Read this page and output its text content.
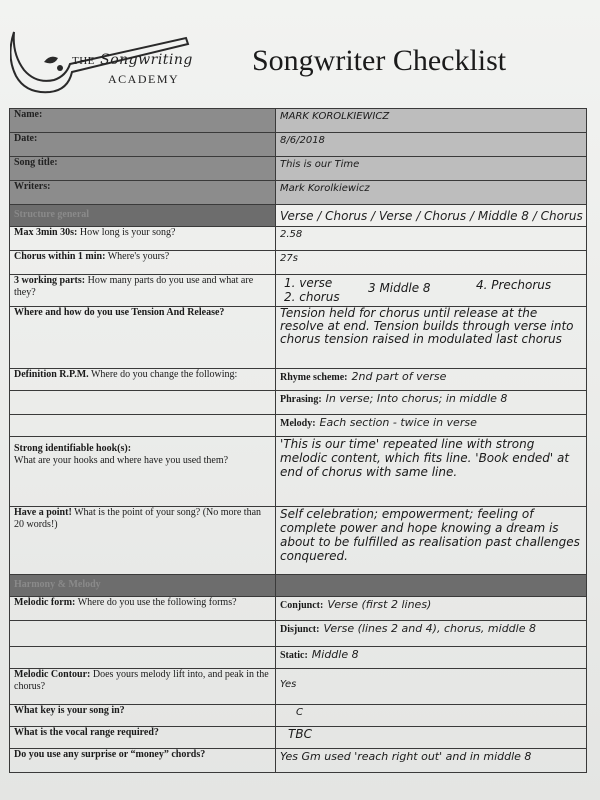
THE Songwriting
ACADEMY
Songwriter Checklist
Name:	MARK KOROLKIEWICZ
Date:	8/6/2018
Song title:	This is our Time
Writers:	Mark Korolkiewicz
Structure general	Verse / Chorus / Verse / Chorus / Middle 8 / Chorus
Max 3min 30s: How long is your song?	2.58
Chorus within 1 min: Where's yours?	27s
3 working parts: How many parts do you use and what are they?	1. verse
2. chorus
3 Middle 8 4. Prechorus

Where and how do you use Tension And Release?	Tension held for chorus until release at the resolve at end. Tension builds through verse into chorus tension raised in modulated last chorus
Definition R.P.M. Where do you change the following:	Rhyme scheme: 2nd part of verse
	Phrasing: In verse; Into chorus; in middle 8
	Melody: Each section - twice in verse
Strong identifiable hook(s):
What are your hooks and where have you used them?	'This is our time' repeated line with strong melodic content, which fits line. 'Book ended' at end of chorus with same line.
Have a point! What is the point of your song? (No more than 20 words!)	Self celebration; empowerment; feeling of complete power and hope knowing a dream is about to be fulfilled as realisation past challenges conquered.
Harmony & Melody	
Melodic form: Where do you use the following forms?	Conjunct: Verse (first 2 lines)
	Disjunct: Verse (lines 2 and 4), chorus, middle 8
	Static: Middle 8
Melodic Contour: Does yours melody lift into, and peak in the chorus?	Yes
What key is your song in?	C
What is the vocal range required?	TBC
Do you use any surprise or “money” chords?	Yes Gm used 'reach right out' and in middle 8
